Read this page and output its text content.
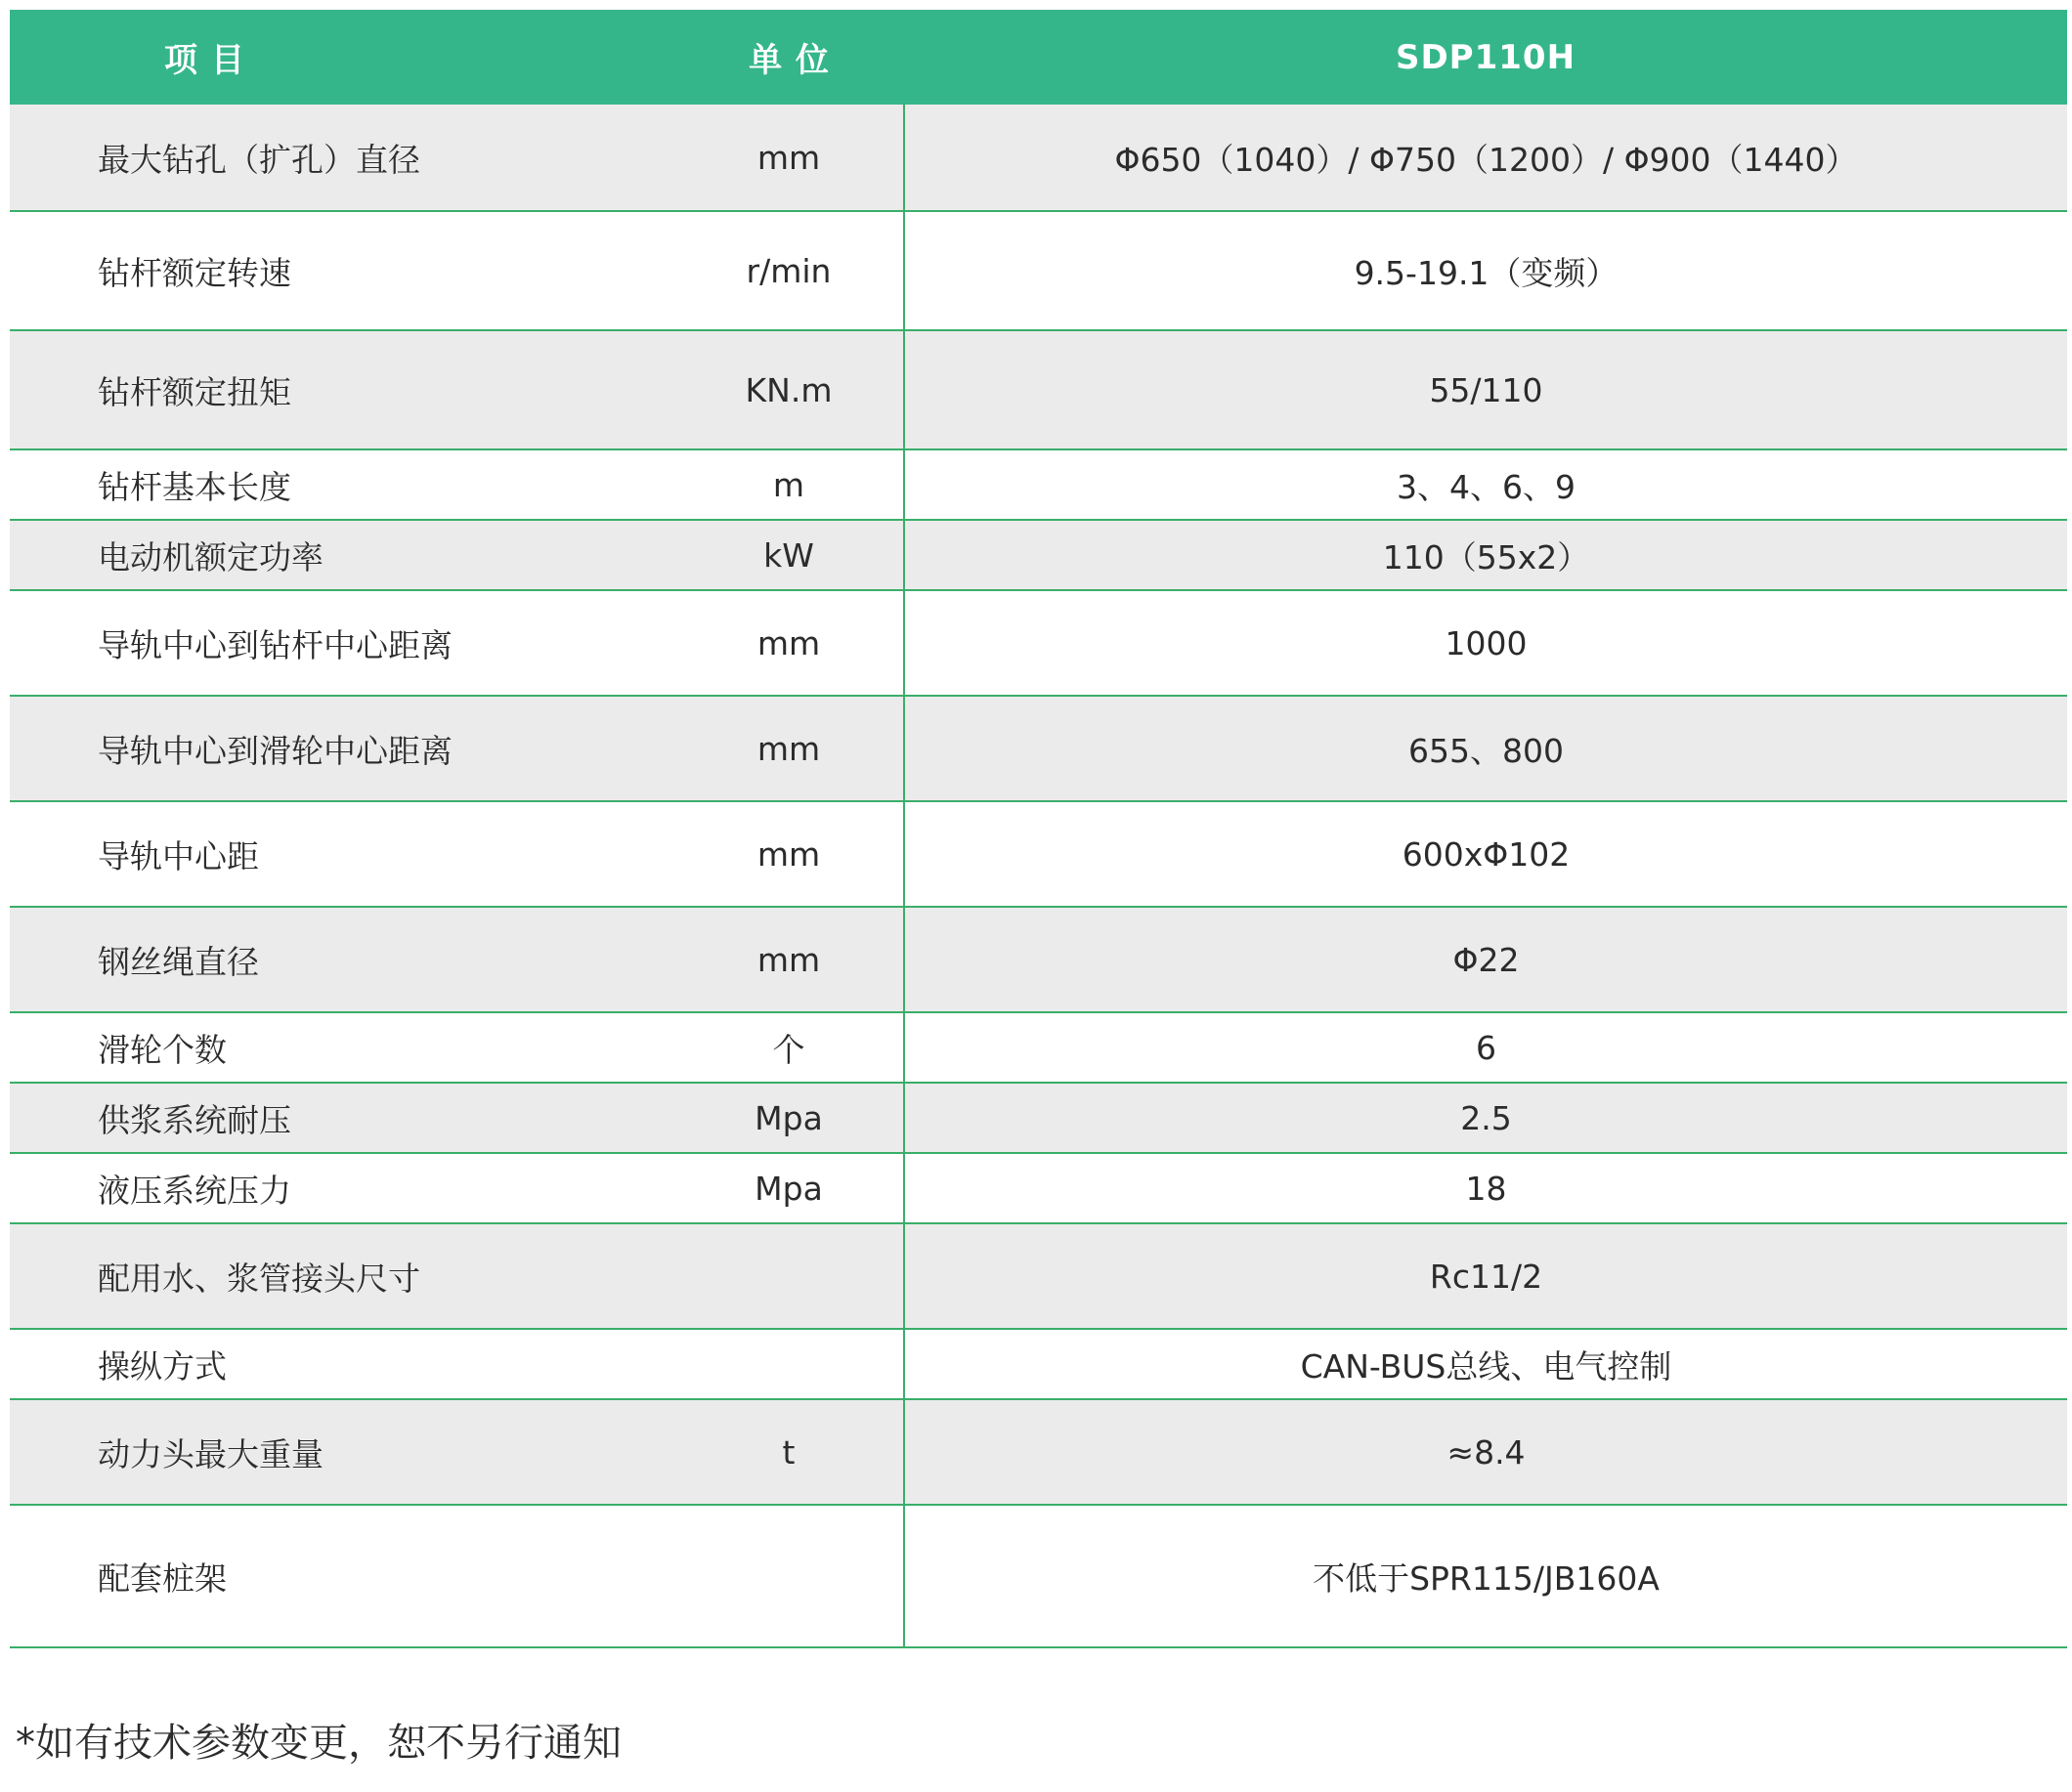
项 目	单 位	SDP110H
最大钻孔（扩孔）直径	mm	Φ650（1040）/ Φ750（1200）/ Φ900（1440）
钻杆额定转速	r/min	9.5-19.1（变频）
钻杆额定扭矩	KN.m	55/110
钻杆基本长度	m	3、4、6、9
电动机额定功率	kW	110（55x2）
导轨中心到钻杆中心距离	mm	1000
导轨中心到滑轮中心距离	mm	655、800
导轨中心距	mm	600xΦ102
钢丝绳直径	mm	Φ22
滑轮个数	个	6
供浆系统耐压	Mpa	2.5
液压系统压力	Mpa	18
配用水、浆管接头尺寸		Rc11/2
操纵方式		CAN-BUS总线、电气控制
动力头最大重量	t	≈8.4
配套桩架		不低于SPR115/JB160A

*如有技术参数变更，恕不另行通知
